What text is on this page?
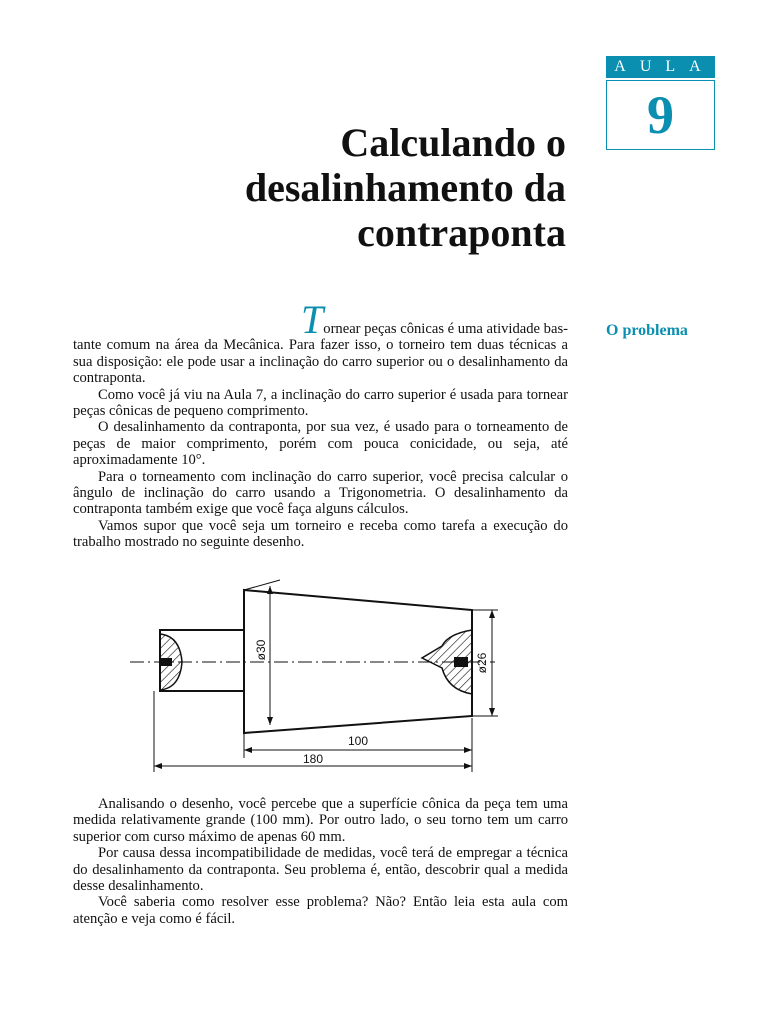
AULA
9
Calculando o
desalinhamento da
contraponta
O problema

Tornear peças cônicas é uma atividade bas-
tante comum na área da Mecânica. Para fazer isso, o torneiro tem duas técnicas a sua disposição: ele pode usar a inclinação do carro superior ou o desalinhamento da contraponta.

Como você já viu na Aula 7, a inclinação do carro superior é usada para tornear peças cônicas de pequeno comprimento.

O desalinhamento da contraponta, por sua vez, é usado para o torneamento de peças de maior comprimento, porém com pouca conicidade, ou seja, até aproximadamente 10°.

Para o torneamento com inclinação do carro superior, você precisa calcular o ângulo de inclinação do carro usando a Trigonometria. O desalinhamento da contraponta também exige que você faça alguns cálculos.

Vamos supor que você seja um torneiro e receba como tarefa a execução do trabalho mostrado no seguinte desenho.

ø30
ø26
100
180

Analisando o desenho, você percebe que a superfície cônica da peça tem uma medida relativamente grande (100 mm). Por outro lado, o seu torno tem um carro superior com curso máximo de apenas 60 mm.

Por causa dessa incompatibilidade de medidas, você terá de empregar a técnica do desalinhamento da contraponta. Seu problema é, então, descobrir qual a medida desse desalinhamento.

Você saberia como resolver esse problema? Não? Então leia esta aula com atenção e veja como é fácil.
